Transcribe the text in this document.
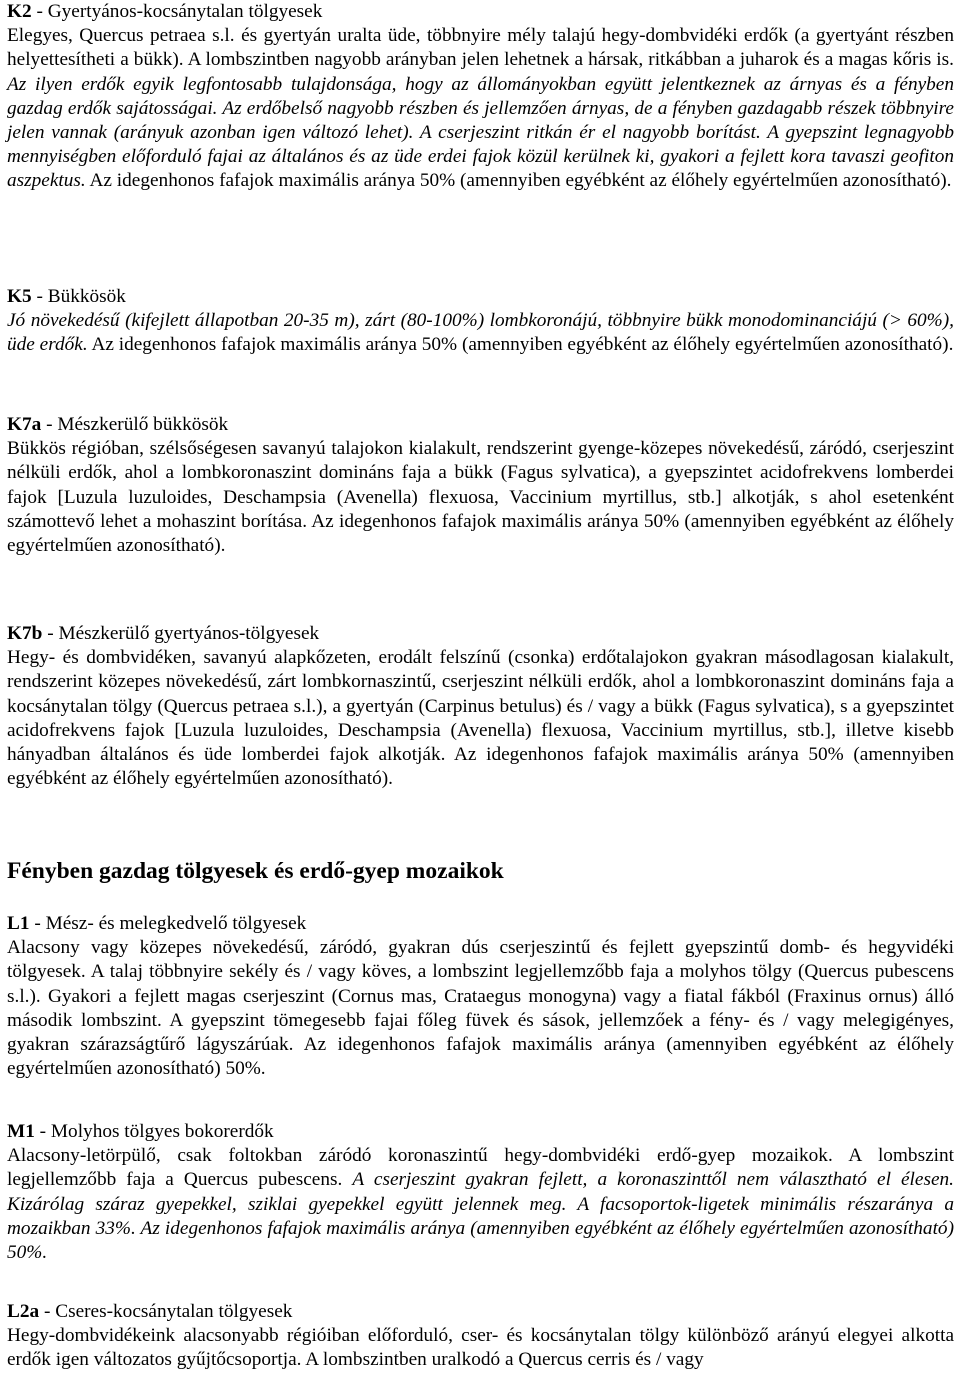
K2 - Gyertyános-kocsánytalan tölgyesek

Elegyes, Quercus petraea s.l. és gyertyán uralta üde, többnyire mély talajú hegy-dombvidéki erdők (a gyertyánt részben helyettesítheti a bükk). A lombszintben nagyobb arányban jelen lehetnek a hársak, ritkábban a juharok és a magas kőris is. Az ilyen erdők egyik legfontosabb tulajdonsága, hogy az állományokban együtt jelentkeznek az árnyas és a fényben gazdag erdők sajátosságai. Az erdőbelső nagyobb részben és jellemzően árnyas, de a fényben gazdagabb részek többnyire jelen vannak (arányuk azonban igen változó lehet). A cserjeszint ritkán ér el nagyobb borítást. A gyepszint legnagyobb mennyiségben előforduló fajai az általános és az üde erdei fajok közül kerülnek ki, gyakori a fejlett kora tavaszi geofiton aszpektus. Az idegenhonos fafajok maximális aránya 50% (amennyiben egyébként az élőhely egyértelműen azonosítható).

K5 - Bükkösök

Jó növekedésű (kifejlett állapotban 20-35 m), zárt (80-100%) lombkoronájú, többnyire bükk monodominanciájú (> 60%), üde erdők. Az idegenhonos fafajok maximális aránya 50% (amennyiben egyébként az élőhely egyértelműen azonosítható).

K7a - Mészkerülő bükkösök

Bükkös régióban, szélsőségesen savanyú talajokon kialakult, rendszerint gyenge-közepes növekedésű, záródó, cserjeszint nélküli erdők, ahol a lombkoronaszint domináns faja a bükk (Fagus sylvatica), a gyepszintet acidofrekvens lomberdei fajok [Luzula luzuloides, Deschampsia (Avenella) flexuosa, Vaccinium myrtillus, stb.] alkotják, s ahol esetenként számottevő lehet a mohaszint borítása. Az idegenhonos fafajok maximális aránya 50% (amennyiben egyébként az élőhely egyértelműen azonosítható).

K7b - Mészkerülő gyertyános-tölgyesek

Hegy- és dombvidéken, savanyú alapkőzeten, erodált felszínű (csonka) erdőtalajokon gyakran másodlagosan kialakult, rendszerint közepes növekedésű, zárt lombkornaszintű, cserjeszint nélküli erdők, ahol a lombkoronaszint domináns faja a kocsánytalan tölgy (Quercus petraea s.l.), a gyertyán (Carpinus betulus) és / vagy a bükk (Fagus sylvatica), s a gyepszintet acidofrekvens fajok [Luzula luzuloides, Deschampsia (Avenella) flexuosa, Vaccinium myrtillus, stb.], illetve kisebb hányadban általános és üde lomberdei fajok alkotják. Az idegenhonos fafajok maximális aránya 50% (amennyiben egyébként az élőhely egyértelműen azonosítható).

Fényben gazdag tölgyesek és erdő-gyep mozaikok

L1 - Mész- és melegkedvelő tölgyesek

Alacsony vagy közepes növekedésű, záródó, gyakran dús cserjeszintű és fejlett gyepszintű domb- és hegyvidéki tölgyesek. A talaj többnyire sekély és / vagy köves, a lombszint legjellemzőbb faja a molyhos tölgy (Quercus pubescens s.l.). Gyakori a fejlett magas cserjeszint (Cornus mas, Crataegus monogyna) vagy a fiatal fákból (Fraxinus ornus) álló második lombszint. A gyepszint tömegesebb fajai főleg füvek és sások, jellemzőek a fény- és / vagy melegigényes, gyakran szárazságtűrő lágyszárúak. Az idegenhonos fafajok maximális aránya (amennyiben egyébként az élőhely egyértelműen azonosítható) 50%.

M1 - Molyhos tölgyes bokorerdők

Alacsony-letörpülő, csak foltokban záródó koronaszintű hegy-dombvidéki erdő-gyep mozaikok. A lombszint legjellemzőbb faja a Quercus pubescens. A cserjeszint gyakran fejlett, a koronaszinttől nem választható el élesen. Kizárólag száraz gyepekkel, sziklai gyepekkel együtt jelennek meg. A facsoportok-ligetek minimális részaránya a mozaikban 33%. Az idegenhonos fafajok maximális aránya (amennyiben egyébként az élőhely egyértelműen azonosítható) 50%.

L2a - Cseres-kocsánytalan tölgyesek

Hegy-dombvidékeink alacsonyabb régióiban előforduló, cser- és kocsánytalan tölgy különböző arányú elegyei alkotta erdők igen változatos gyűjtőcsoportja. A lombszintben uralkodó a Quercus cerris és / vagy
